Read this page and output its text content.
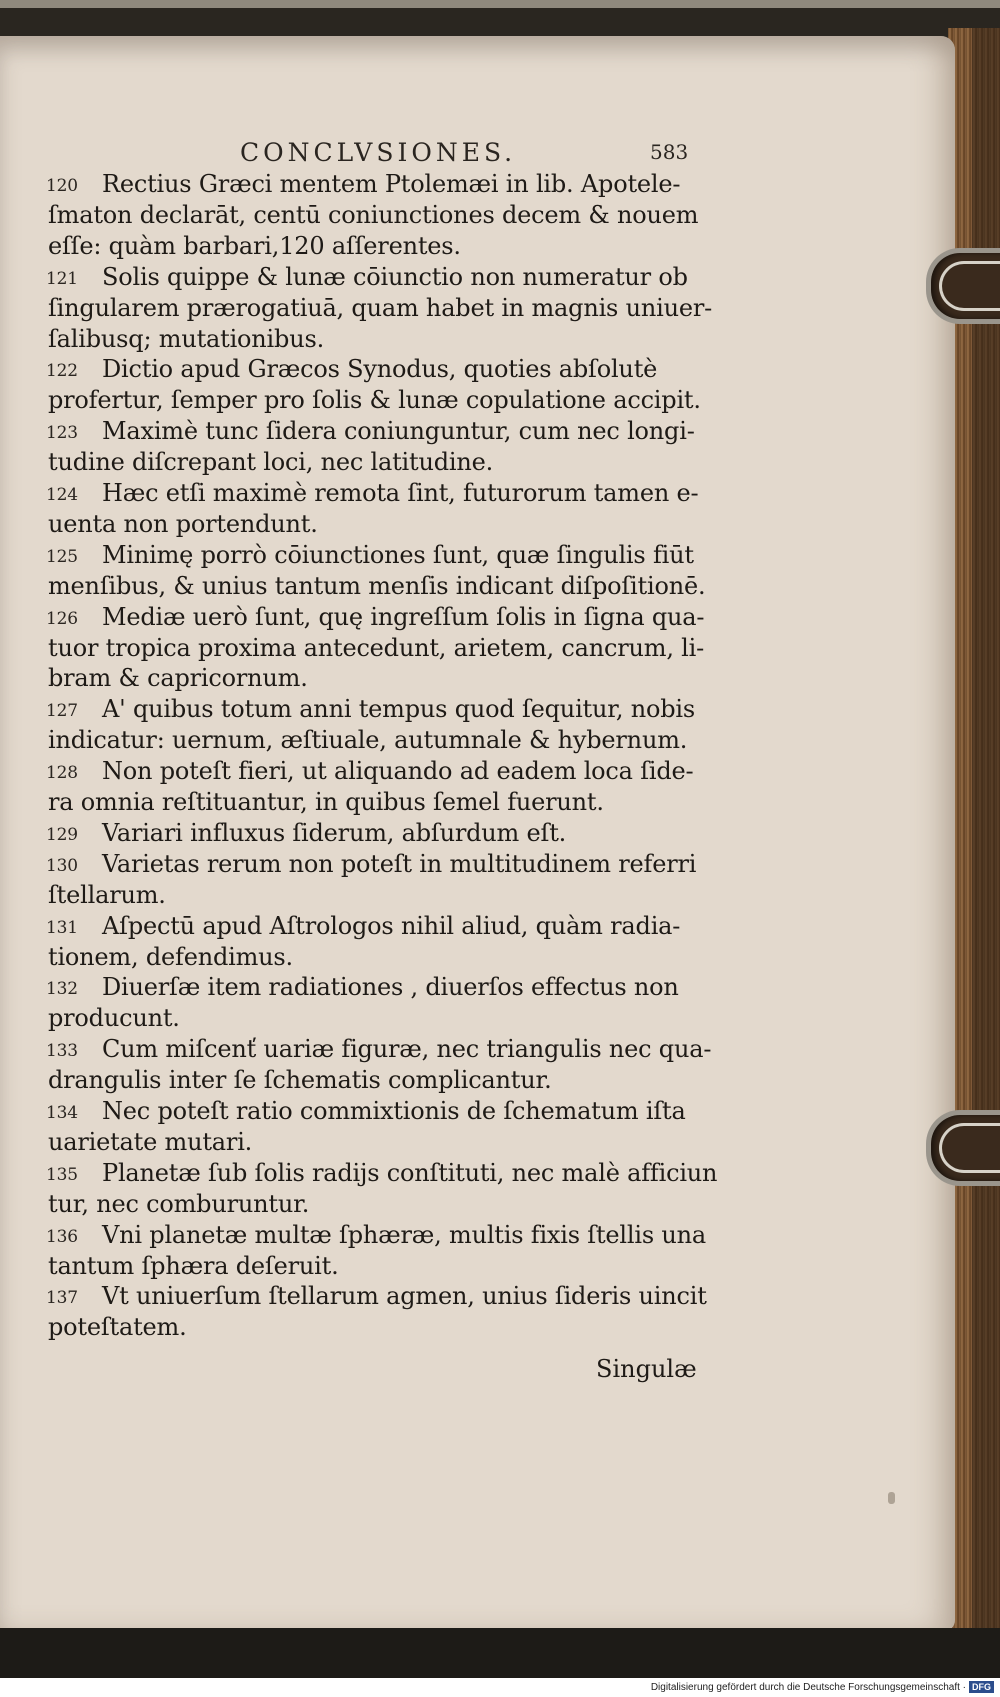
CONCLVSIONES.	583
120 Rectius Græci mentem Ptolemæi in lib. Apotele-
ſmaton declarāt, centū coniunctiones decem & nouem
eſſe: quàm barbari,120 aſſerentes.
121 Solis quippe & lunæ cōiunctio non numeratur ob
ſingularem prærogatiuā, quam habet in magnis uniuer-
ſalibusq; mutationibus.
122 Dictio apud Græcos Synodus, quoties abſolutè
profertur, ſemper pro ſolis & lunæ copulatione accipit.
123 Maximè tunc ſidera coniunguntur, cum nec longi-
tudine diſcrepant loci, nec latitudine.
124 Hæc etſi maximè remota ſint, futurorum tamen e-
uenta non portendunt.
125 Minimę porrò cōiunctiones ſunt, quæ ſingulis fiūt
menſibus, & unius tantum menſis indicant diſpoſitionē.
126 Mediæ uerò ſunt, quę ingreſſum ſolis in ſigna qua-
tuor tropica proxima antecedunt, arietem, cancrum, li-
bram & capricornum.
127 A' quibus totum anni tempus quod ſequitur, nobis
indicatur: uernum, æſtiuale, autumnale & hybernum.
128 Non poteſt fieri, ut aliquando ad eadem loca ſide-
ra omnia reſtituantur, in quibus ſemel fuerunt.
129 Variari influxus ſiderum, abſurdum eſt.
130 Varietas rerum non poteſt in multitudinem referri
ſtellarum.
131 Aſpectū apud Aſtrologos nihil aliud, quàm radia-
tionem, defendimus.
132 Diuerſæ item radiationes , diuerſos effectus non
producunt.
133 Cum miſcenť uariæ figuræ, nec triangulis nec qua-
drangulis inter ſe ſchematis complicantur.
134 Nec poteſt ratio commixtionis de ſchematum iſta
uarietate mutari.
135 Planetæ ſub ſolis radijs conſtituti, nec malè afficiun
tur, nec comburuntur.
136 Vni planetæ multæ ſphæræ, multis fixis ſtellis una
tantum ſphæra deſeruit.
137 Vt uniuerſum ſtellarum agmen, unius ſideris uincit
poteſtatem.
Singulæ
Digitalisierung gefördert durch die Deutsche Forschungsgemeinschaft · DFG
